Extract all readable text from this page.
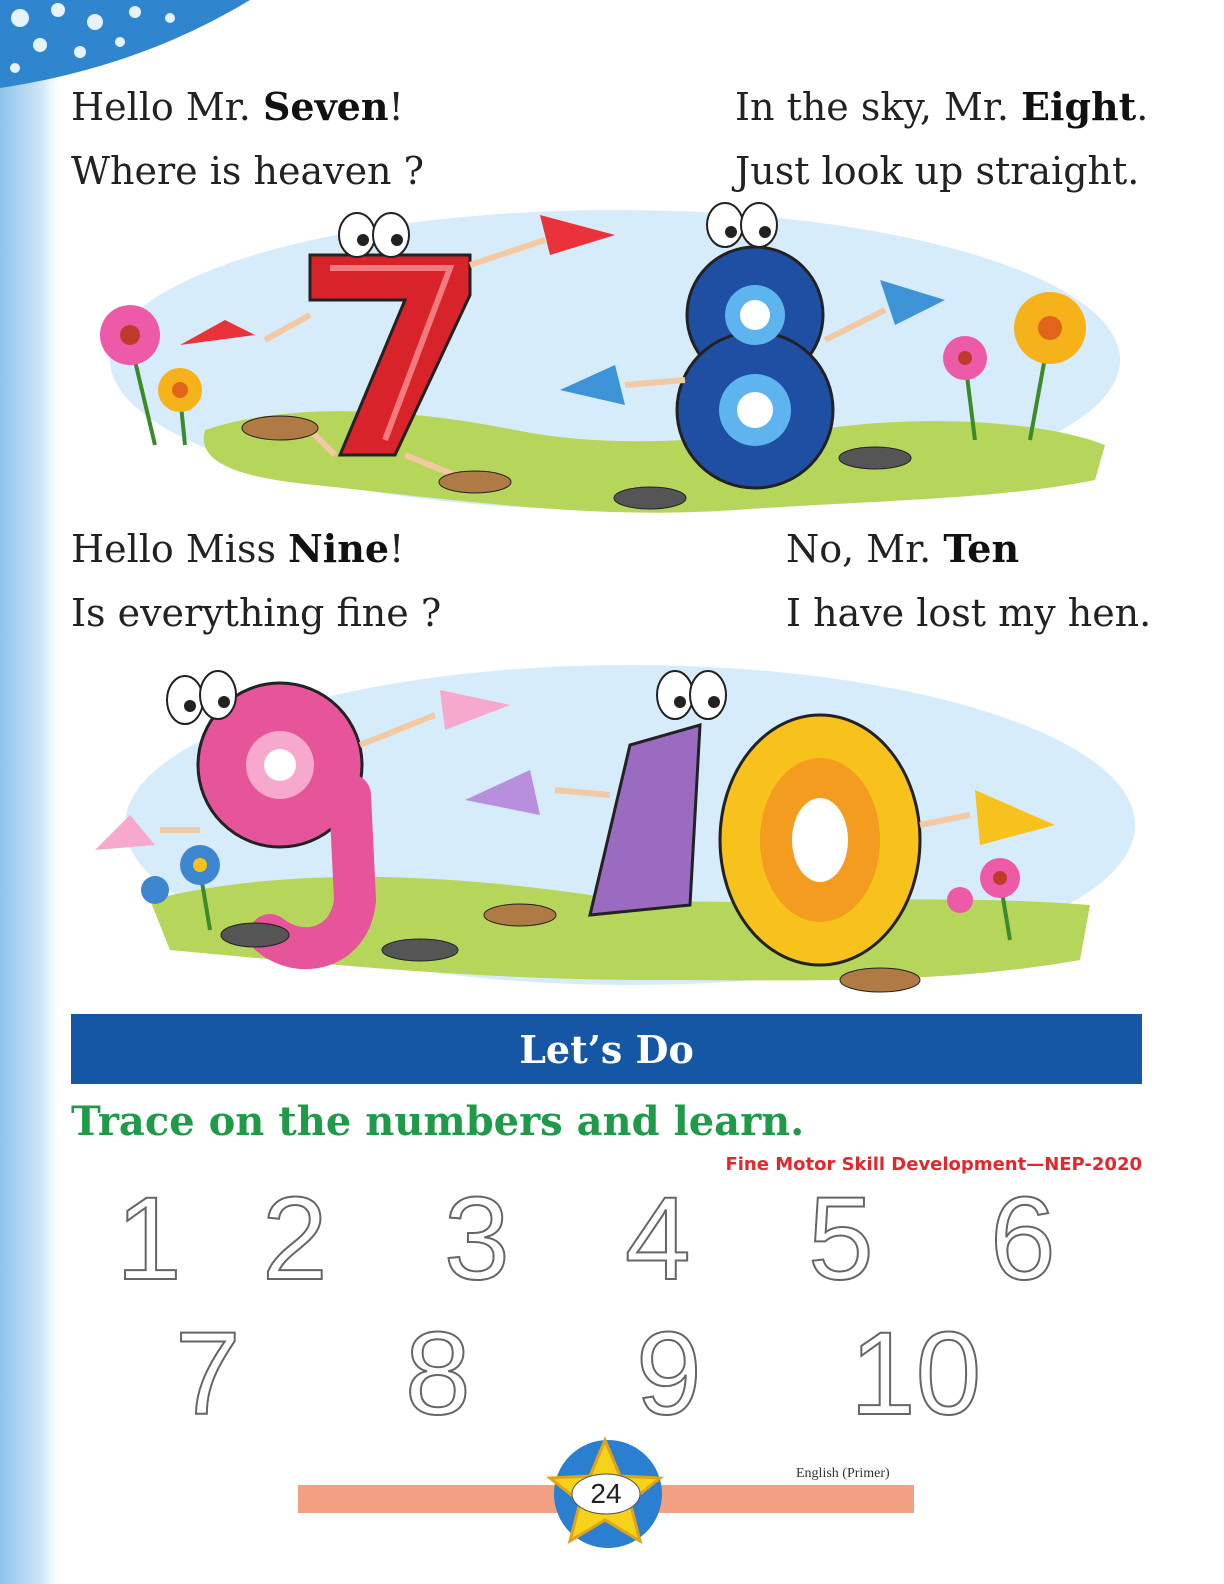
Hello Mr. Seven!
Where is heaven ?
In the sky, Mr. Eight.
Just look up straight.
Hello Miss Nine!
Is everything fine ?
No, Mr. Ten
I have lost my hen.
Let’s Do
Trace on the numbers and learn.
Fine Motor Skill Development—NEP-2020
1 2 3 4 5 6
7 8 9 10
English (Primer)
24
